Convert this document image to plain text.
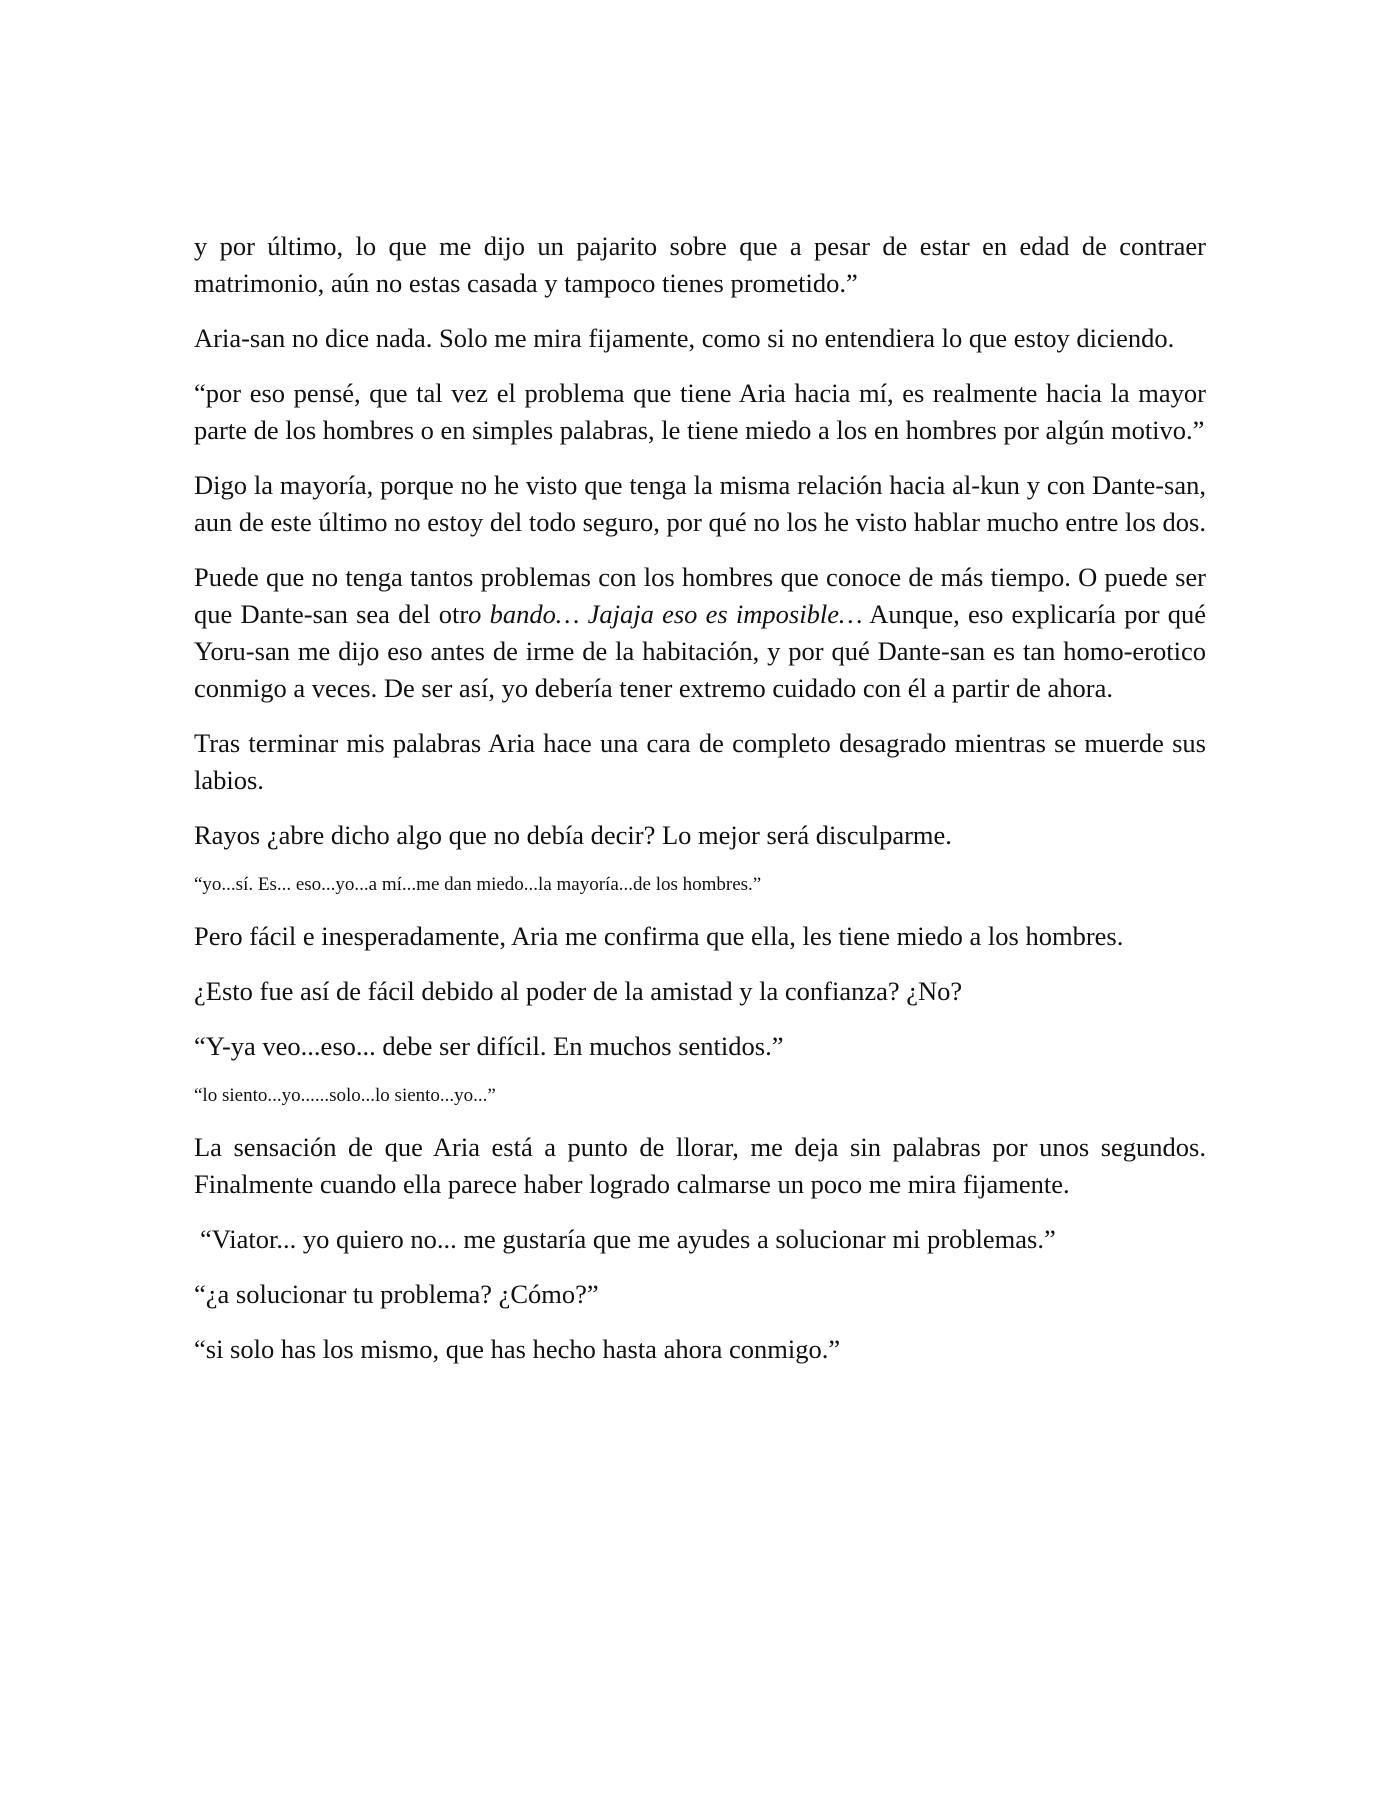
y por último, lo que me dijo un pajarito sobre que a pesar de estar en edad de contraer matrimonio, aún no estas casada y tampoco tienes prometido.”

Aria-san no dice nada. Solo me mira fijamente, como si no entendiera lo que estoy diciendo.

“por eso pensé, que tal vez el problema que tiene Aria hacia mí, es realmente hacia la mayor parte de los hombres o en simples palabras, le tiene miedo a los en hombres por algún motivo.”

Digo la mayoría, porque no he visto que tenga la misma relación hacia al-kun y con Dante-san, aun de este último no estoy del todo seguro, por qué no los he visto hablar mucho entre los dos.

Puede que no tenga tantos problemas con los hombres que conoce de más tiempo. O puede ser que Dante-san sea del otro bando… Jajaja eso es imposible… Aunque, eso explicaría por qué Yoru-san me dijo eso antes de irme de la habitación, y por qué Dante-san es tan homo-erotico conmigo a veces. De ser así, yo debería tener extremo cuidado con él a partir de ahora.

Tras terminar mis palabras Aria hace una cara de completo desagrado mientras se muerde sus labios.

Rayos ¿abre dicho algo que no debía decir? Lo mejor será disculparme.

“yo...sí. Es... eso...yo...a mí...me dan miedo...la mayoría...de los hombres.”

Pero fácil e inesperadamente, Aria me confirma que ella, les tiene miedo a los hombres.

¿Esto fue así de fácil debido al poder de la amistad y la confianza? ¿No?

“Y-ya veo...eso... debe ser difícil. En muchos sentidos.”

“lo siento...yo......solo...lo siento...yo...”

La sensación de que Aria está a punto de llorar, me deja sin palabras por unos segundos. Finalmente cuando ella parece haber logrado calmarse un poco me mira fijamente.

“Viator... yo quiero no... me gustaría que me ayudes a solucionar mi problemas.”

“¿a solucionar tu problema? ¿Cómo?”

“si solo has los mismo, que has hecho hasta ahora conmigo.”
